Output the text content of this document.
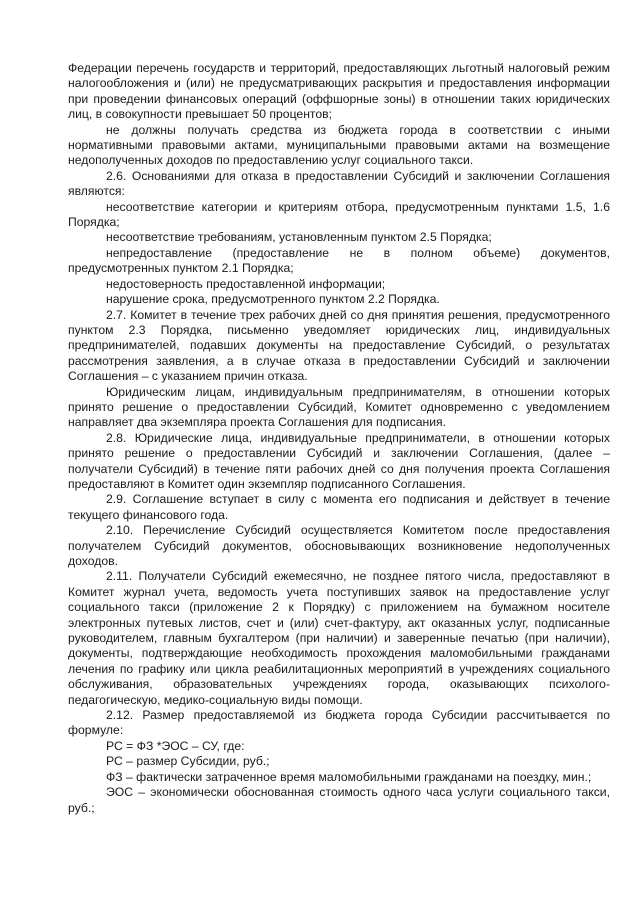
Федерации перечень государств и территорий, предоставляющих льготный налоговый режим налогообложения и (или) не предусматривающих раскрытия и предоставления информации при проведении финансовых операций (оффшорные зоны) в отношении таких юридических лиц, в совокупности превышает 50 процентов;

не должны получать средства из бюджета города в соответствии с иными нормативными правовыми актами, муниципальными правовыми актами на возмещение недополученных доходов по предоставлению услуг социального такси.

2.6. Основаниями для отказа в предоставлении Субсидий и заключении Соглашения являются:

несоответствие категории и критериям отбора, предусмотренным пунктами 1.5, 1.6 Порядка;

несоответствие требованиям, установленным пунктом 2.5 Порядка;

непредоставление (предоставление не в полном объеме) документов, предусмотренных пунктом 2.1 Порядка;

недостоверность предоставленной информации;

нарушение срока, предусмотренного пунктом 2.2 Порядка.

2.7. Комитет в течение трех рабочих дней со дня принятия решения, предусмотренного пунктом 2.3 Порядка, письменно уведомляет юридических лиц, индивидуальных предпринимателей, подавших документы на предоставление Субсидий, о результатах рассмотрения заявления, а в случае отказа в предоставлении Субсидий и заключении Соглашения – с указанием причин отказа.

Юридическим лицам, индивидуальным предпринимателям, в отношении которых принято решение о предоставлении Субсидий, Комитет одновременно с уведомлением направляет два экземпляра проекта Соглашения для подписания.

2.8. Юридические лица, индивидуальные предприниматели, в отношении которых принято решение о предоставлении Субсидий и заключении Соглашения, (далее – получатели Субсидий) в течение пяти рабочих дней со дня получения проекта Соглашения предоставляют в Комитет один экземпляр подписанного Соглашения.

2.9. Соглашение вступает в силу с момента его подписания и действует в течение текущего финансового года.

2.10. Перечисление Субсидий осуществляется Комитетом после предоставления получателем Субсидий документов, обосновывающих возникновение недополученных доходов.

2.11. Получатели Субсидий ежемесячно, не позднее пятого числа, предоставляют в Комитет журнал учета, ведомость учета поступивших заявок на предоставление услуг социального такси (приложение 2 к Порядку) с приложением на бумажном носителе электронных путевых листов, счет и (или) счет-фактуру, акт оказанных услуг, подписанные руководителем, главным бухгалтером (при наличии) и заверенные печатью (при наличии), документы, подтверждающие необходимость прохождения маломобильными гражданами лечения по графику или цикла реабилитационных мероприятий в учреждениях социального обслуживания, образовательных учреждениях города, оказывающих психолого-педагогическую, медико-социальную виды помощи.

2.12. Размер предоставляемой из бюджета города Субсидии рассчитывается по формуле:

РС = ФЗ *ЭОС – СУ, где:

РС – размер Субсидии, руб.;

ФЗ – фактически затраченное время маломобильными гражданами на поездку, мин.;

ЭОС – экономически обоснованная стоимость одного часа услуги социального такси, руб.;
